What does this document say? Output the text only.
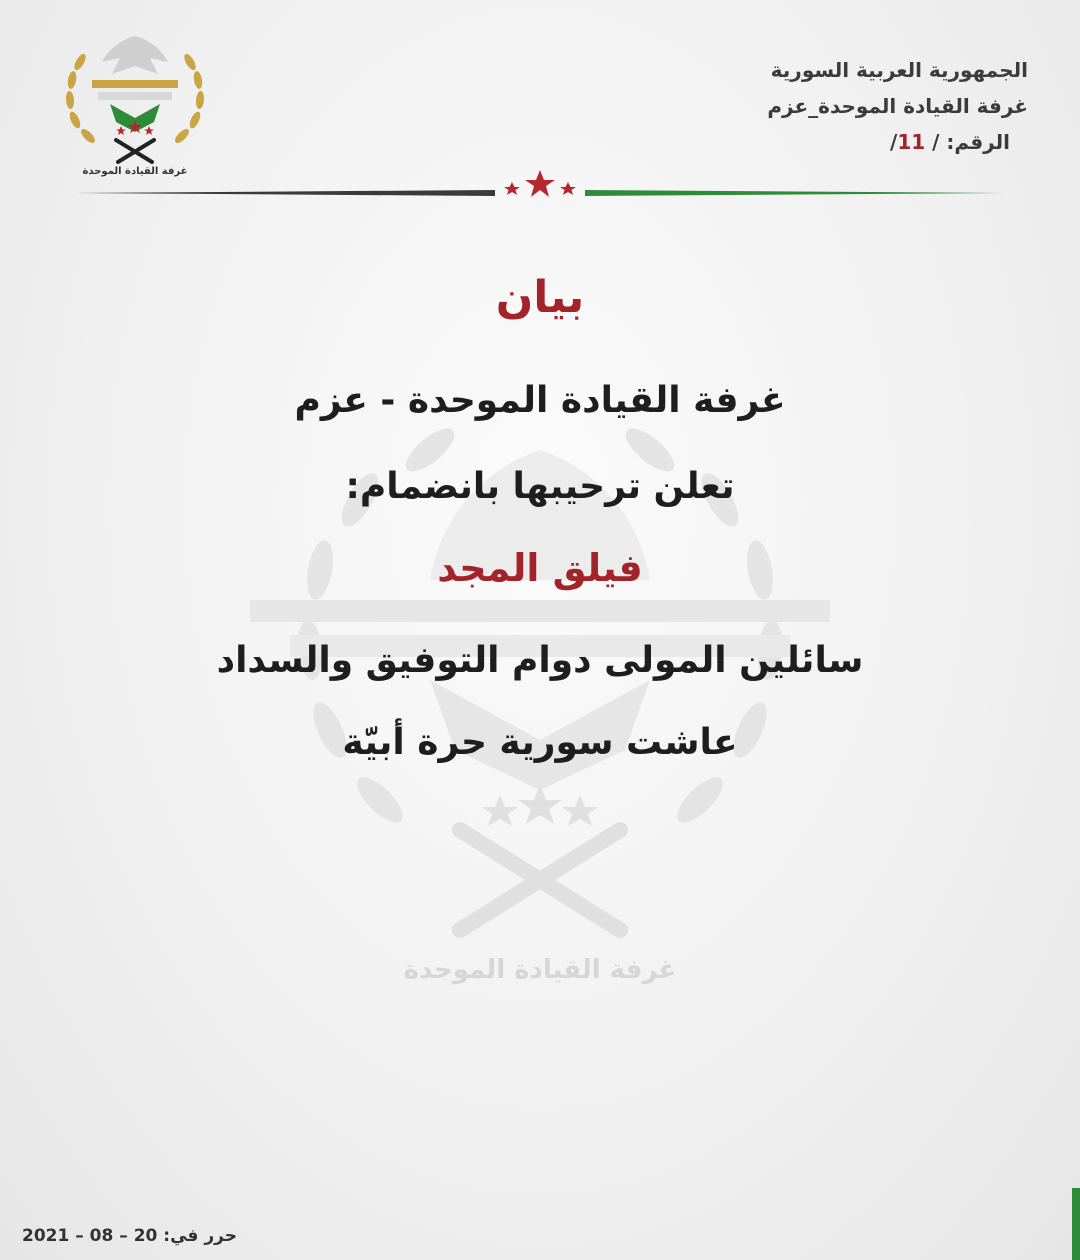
غرفة القيادة الموحدة
الجمهورية العربية السورية
غرفة القيادة الموحدة_عزم
الرقم: / 11/
غرفة القيادة الموحدة
بيان
غرفة القيادة الموحدة - عزم
تعلن ترحيبها بانضمام:
فيلق المجد
سائلين المولى دوام التوفيق والسداد
عاشت سورية حرة أبيّة
حرر في: 20 – 08 – 2021
